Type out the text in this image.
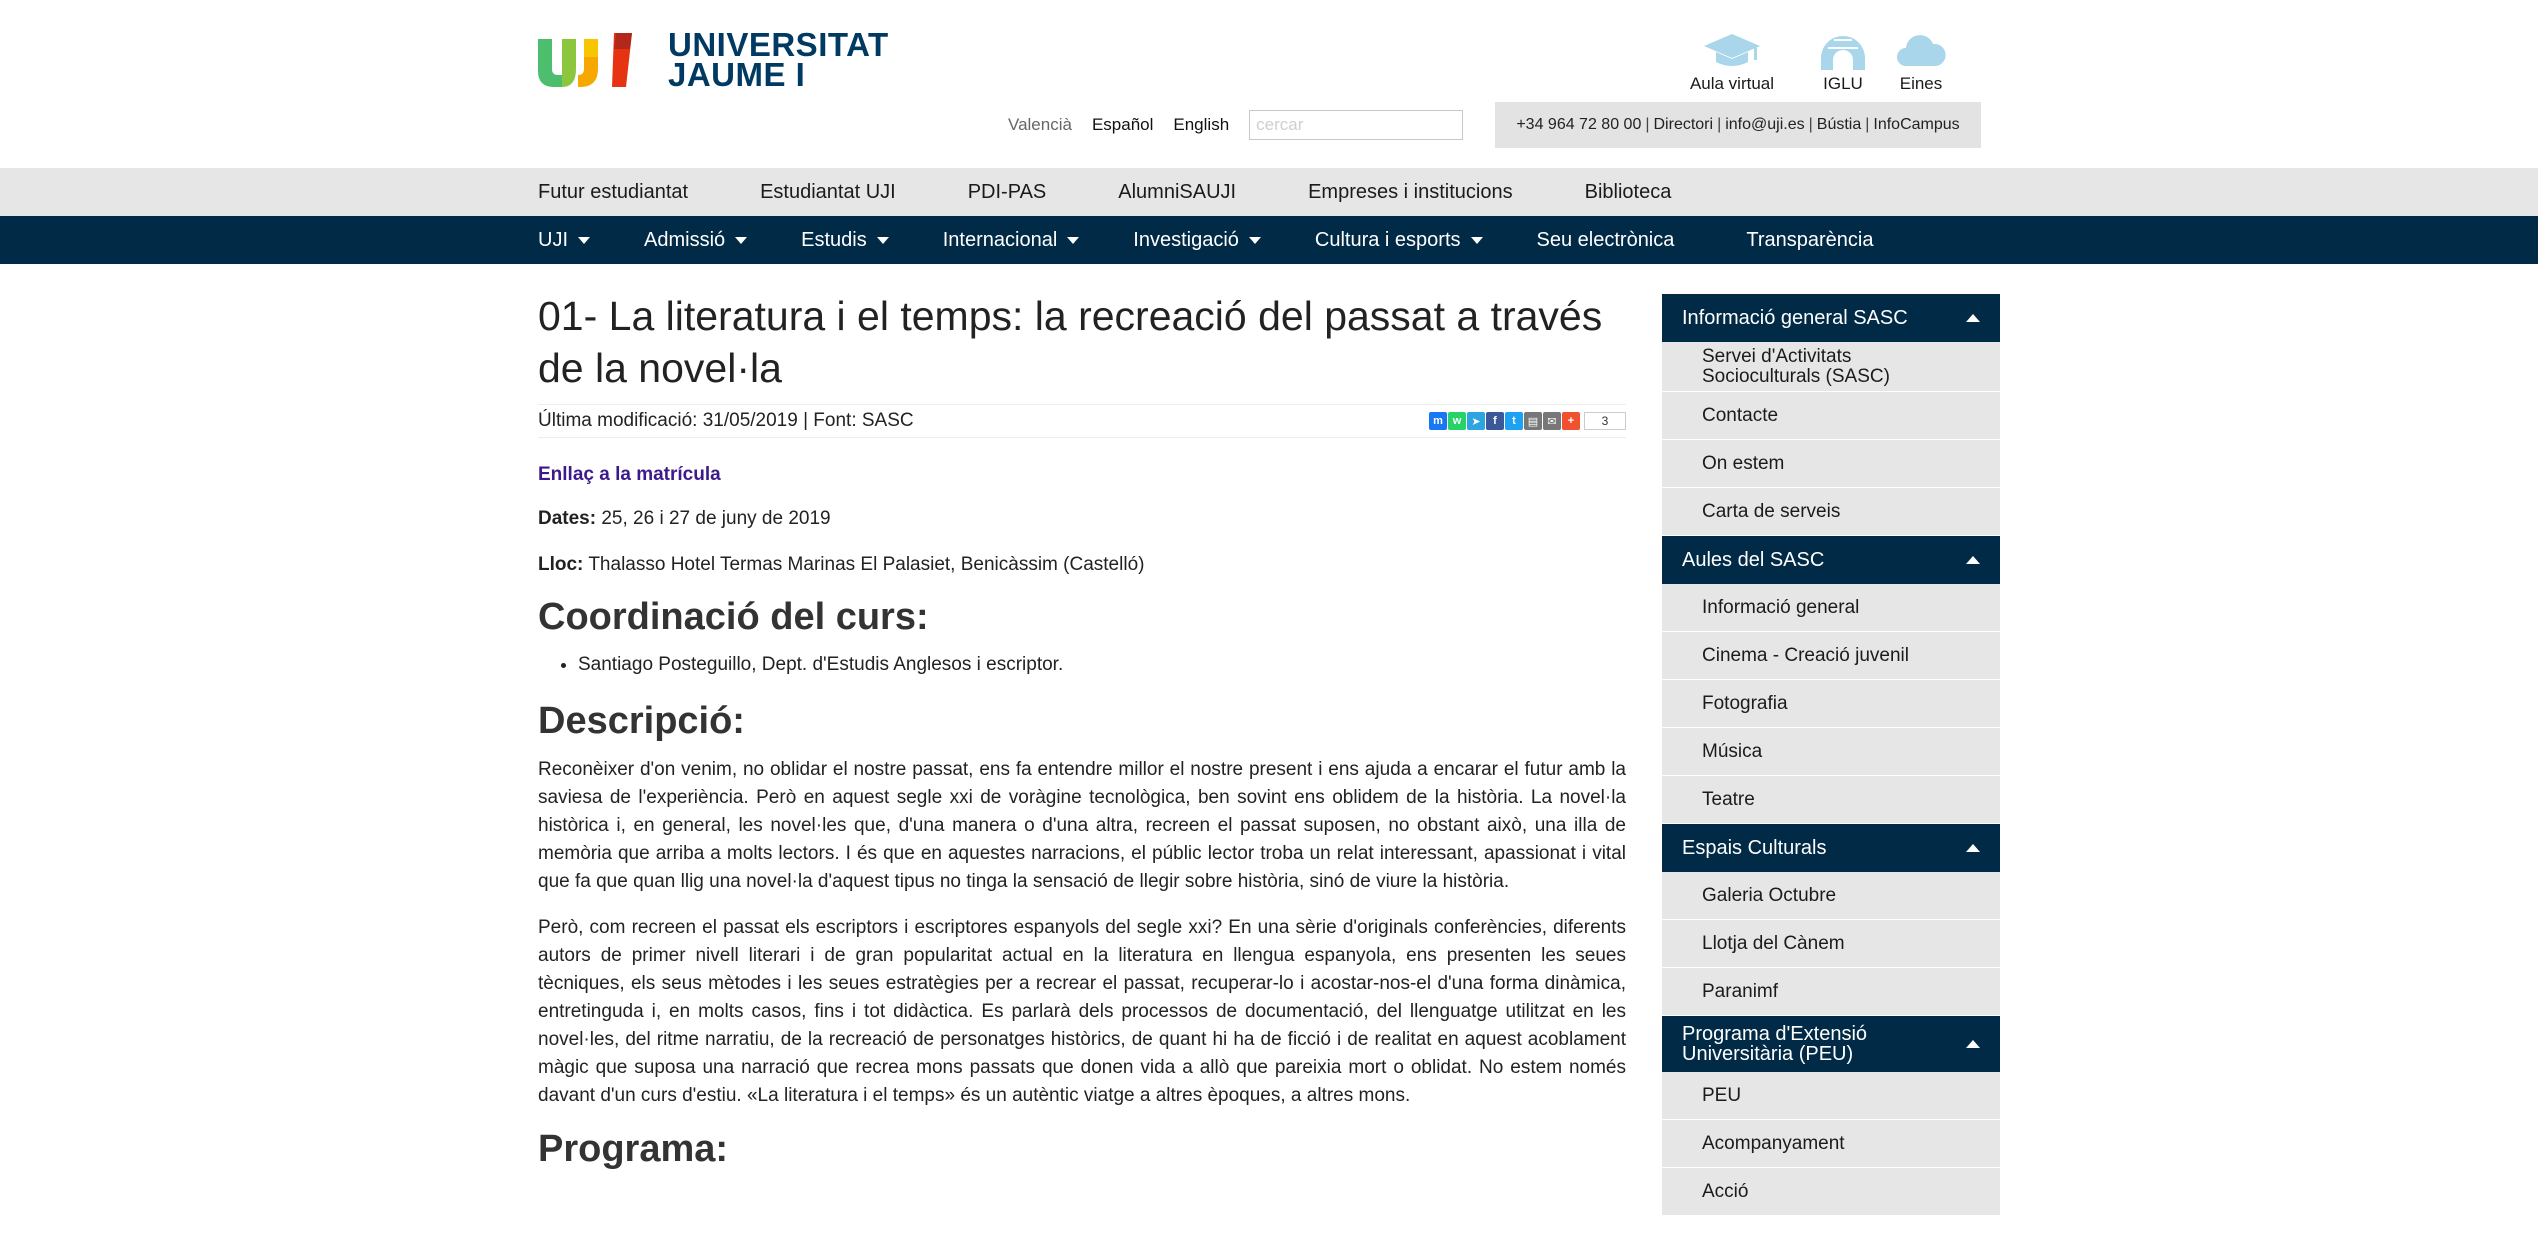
UNIVERSITAT
JAUME I	Aula virtual	IGLU Eines
Valencià Español English
cercar	+34 964 72 80 00 | Directori | info@uji.es | Bústia | InfoCampus
Futur estudiantat	Estudiantat UJI	PDI-PAS	AlumniSAUJI	Empreses i institucions	Biblioteca
UJI	Admissió	Estudis	Internacional	Investigació	Cultura i esports	Seu electrònica	Transparència
01- La literatura i el temps: la recreació del passat a través de la novel·la
Última modificació: 31/05/2019 | Font: SASC	m w ➤	f	t	▤ ✉	+	3
Enllaç a la matrícula

Dates: 25, 26 i 27 de juny de 2019

Lloc: Thalasso Hotel Termas Marinas El Palasiet, Benicàssim (Castelló)

Coordinació del curs:
• Santiago Posteguillo, Dept. d'Estudis Anglesos i escriptor.
Descripció:

Reconèixer d'on venim, no oblidar el nostre passat, ens fa entendre millor el nostre present i ens ajuda a encarar el futur amb la saviesa de l'experiència. Però en aquest segle xxi de voràgine tecnològica, ben sovint ens oblidem de la història. La novel·la històrica i, en general, les novel·les que, d'una manera o d'una altra, recreen el passat suposen, no obstant això, una illa de memòria que arriba a molts lectors. I és que en aquestes narracions, el públic lector troba un relat interessant, apassionat i vital que fa que quan llig una novel·la d'aquest tipus no tinga la sensació de llegir sobre història, sinó de viure la història.

Però, com recreen el passat els escriptors i escriptores espanyols del segle xxi? En una sèrie d'originals conferències, diferents autors de primer nivell literari i de gran popularitat actual en la literatura en llengua espanyola, ens presenten les seues tècniques, els seus mètodes i les seues estratègies per a recrear el passat, recuperar-lo i acostar-nos-el d'una forma dinàmica, entretinguda i, en molts casos, fins i tot didàctica. Es parlarà dels processos de documentació, del llenguatge utilitzat en les novel·les, del ritme narratiu, de la recreació de personatges històrics, de quant hi ha de ficció i de realitat en aquest acoblament màgic que suposa una narració que recrea mons passats que donen vida a allò que pareixia mort o oblidat. No estem només davant d'un curs d'estiu. «La literatura i el temps» és un autèntic viatge a altres èpoques, a altres mons.

Programa:
Informació general SASC
Servei d'Activitats Socioculturals (SASC)
Contacte
On estem
Carta de serveis
Aules del SASC
Informació general
Cinema - Creació juvenil
Fotografia
Música
Teatre
Espais Culturals
Galeria Octubre
Llotja del Cànem
Paranimf
Programa d'Extensió Universitària (PEU)
PEU
Acompanyament
Acció
